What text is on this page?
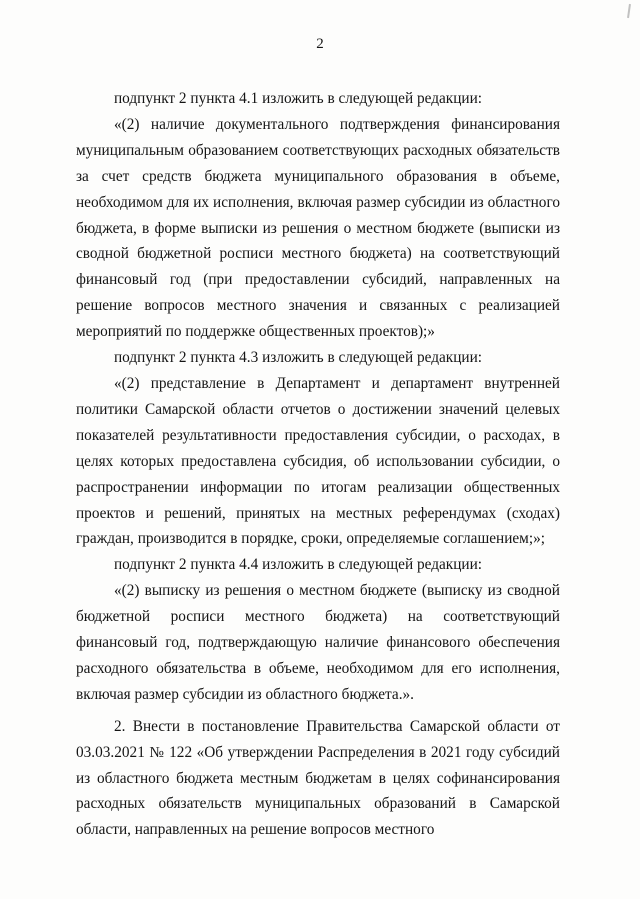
2

подпункт 2 пункта 4.1 изложить в следующей редакции:

«(2) наличие документального подтверждения финансирования муниципальным образованием соответствующих расходных обязательств за счет средств бюджета муниципального образования в объеме, необходимом для их исполнения, включая размер субсидии из областного бюджета, в форме выписки из решения о местном бюджете (выписки из сводной бюджетной росписи местного бюджета) на соответствующий финансовый год (при предоставлении субсидий, направленных на решение вопросов местного значения и связанных с реализацией мероприятий по поддержке общественных проектов);»

подпункт 2 пункта 4.3 изложить в следующей редакции:

«(2) представление в Департамент и департамент внутренней политики Самарской области отчетов о достижении значений целевых показателей результативности предоставления субсидии, о расходах, в целях которых предоставлена субсидия, об использовании субсидии, о распространении информации по итогам реализации общественных проектов и решений, принятых на местных референдумах (сходах) граждан, производится в порядке, сроки, определяемые соглашением;»;

подпункт 2 пункта 4.4 изложить в следующей редакции:

«(2) выписку из решения о местном бюджете (выписку из сводной бюджетной росписи местного бюджета) на соответствующий финансовый год, подтверждающую наличие финансового обеспечения расходного обязательства в объеме, необходимом для его исполнения, включая размер субсидии из областного бюджета.».

2. Внести в постановление Правительства Самарской области от 03.03.2021 № 122 «Об утверждении Распределения в 2021 году субсидий из областного бюджета местным бюджетам в целях софинансирования расходных обязательств муниципальных образований в Самарской области, направленных на решение вопросов местного
